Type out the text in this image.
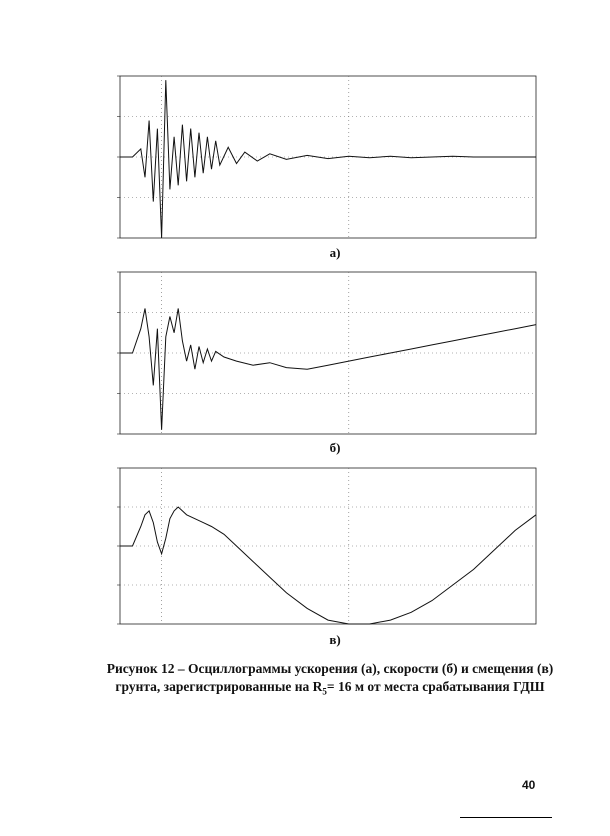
а)
б)
в)
Рисунок 12 – Осциллограммы ускорения (а), скорости (б) и смещения (в)
грунта, зарегистрированные на $R_5= 16$ м от места срабатывания ГДШ
40
